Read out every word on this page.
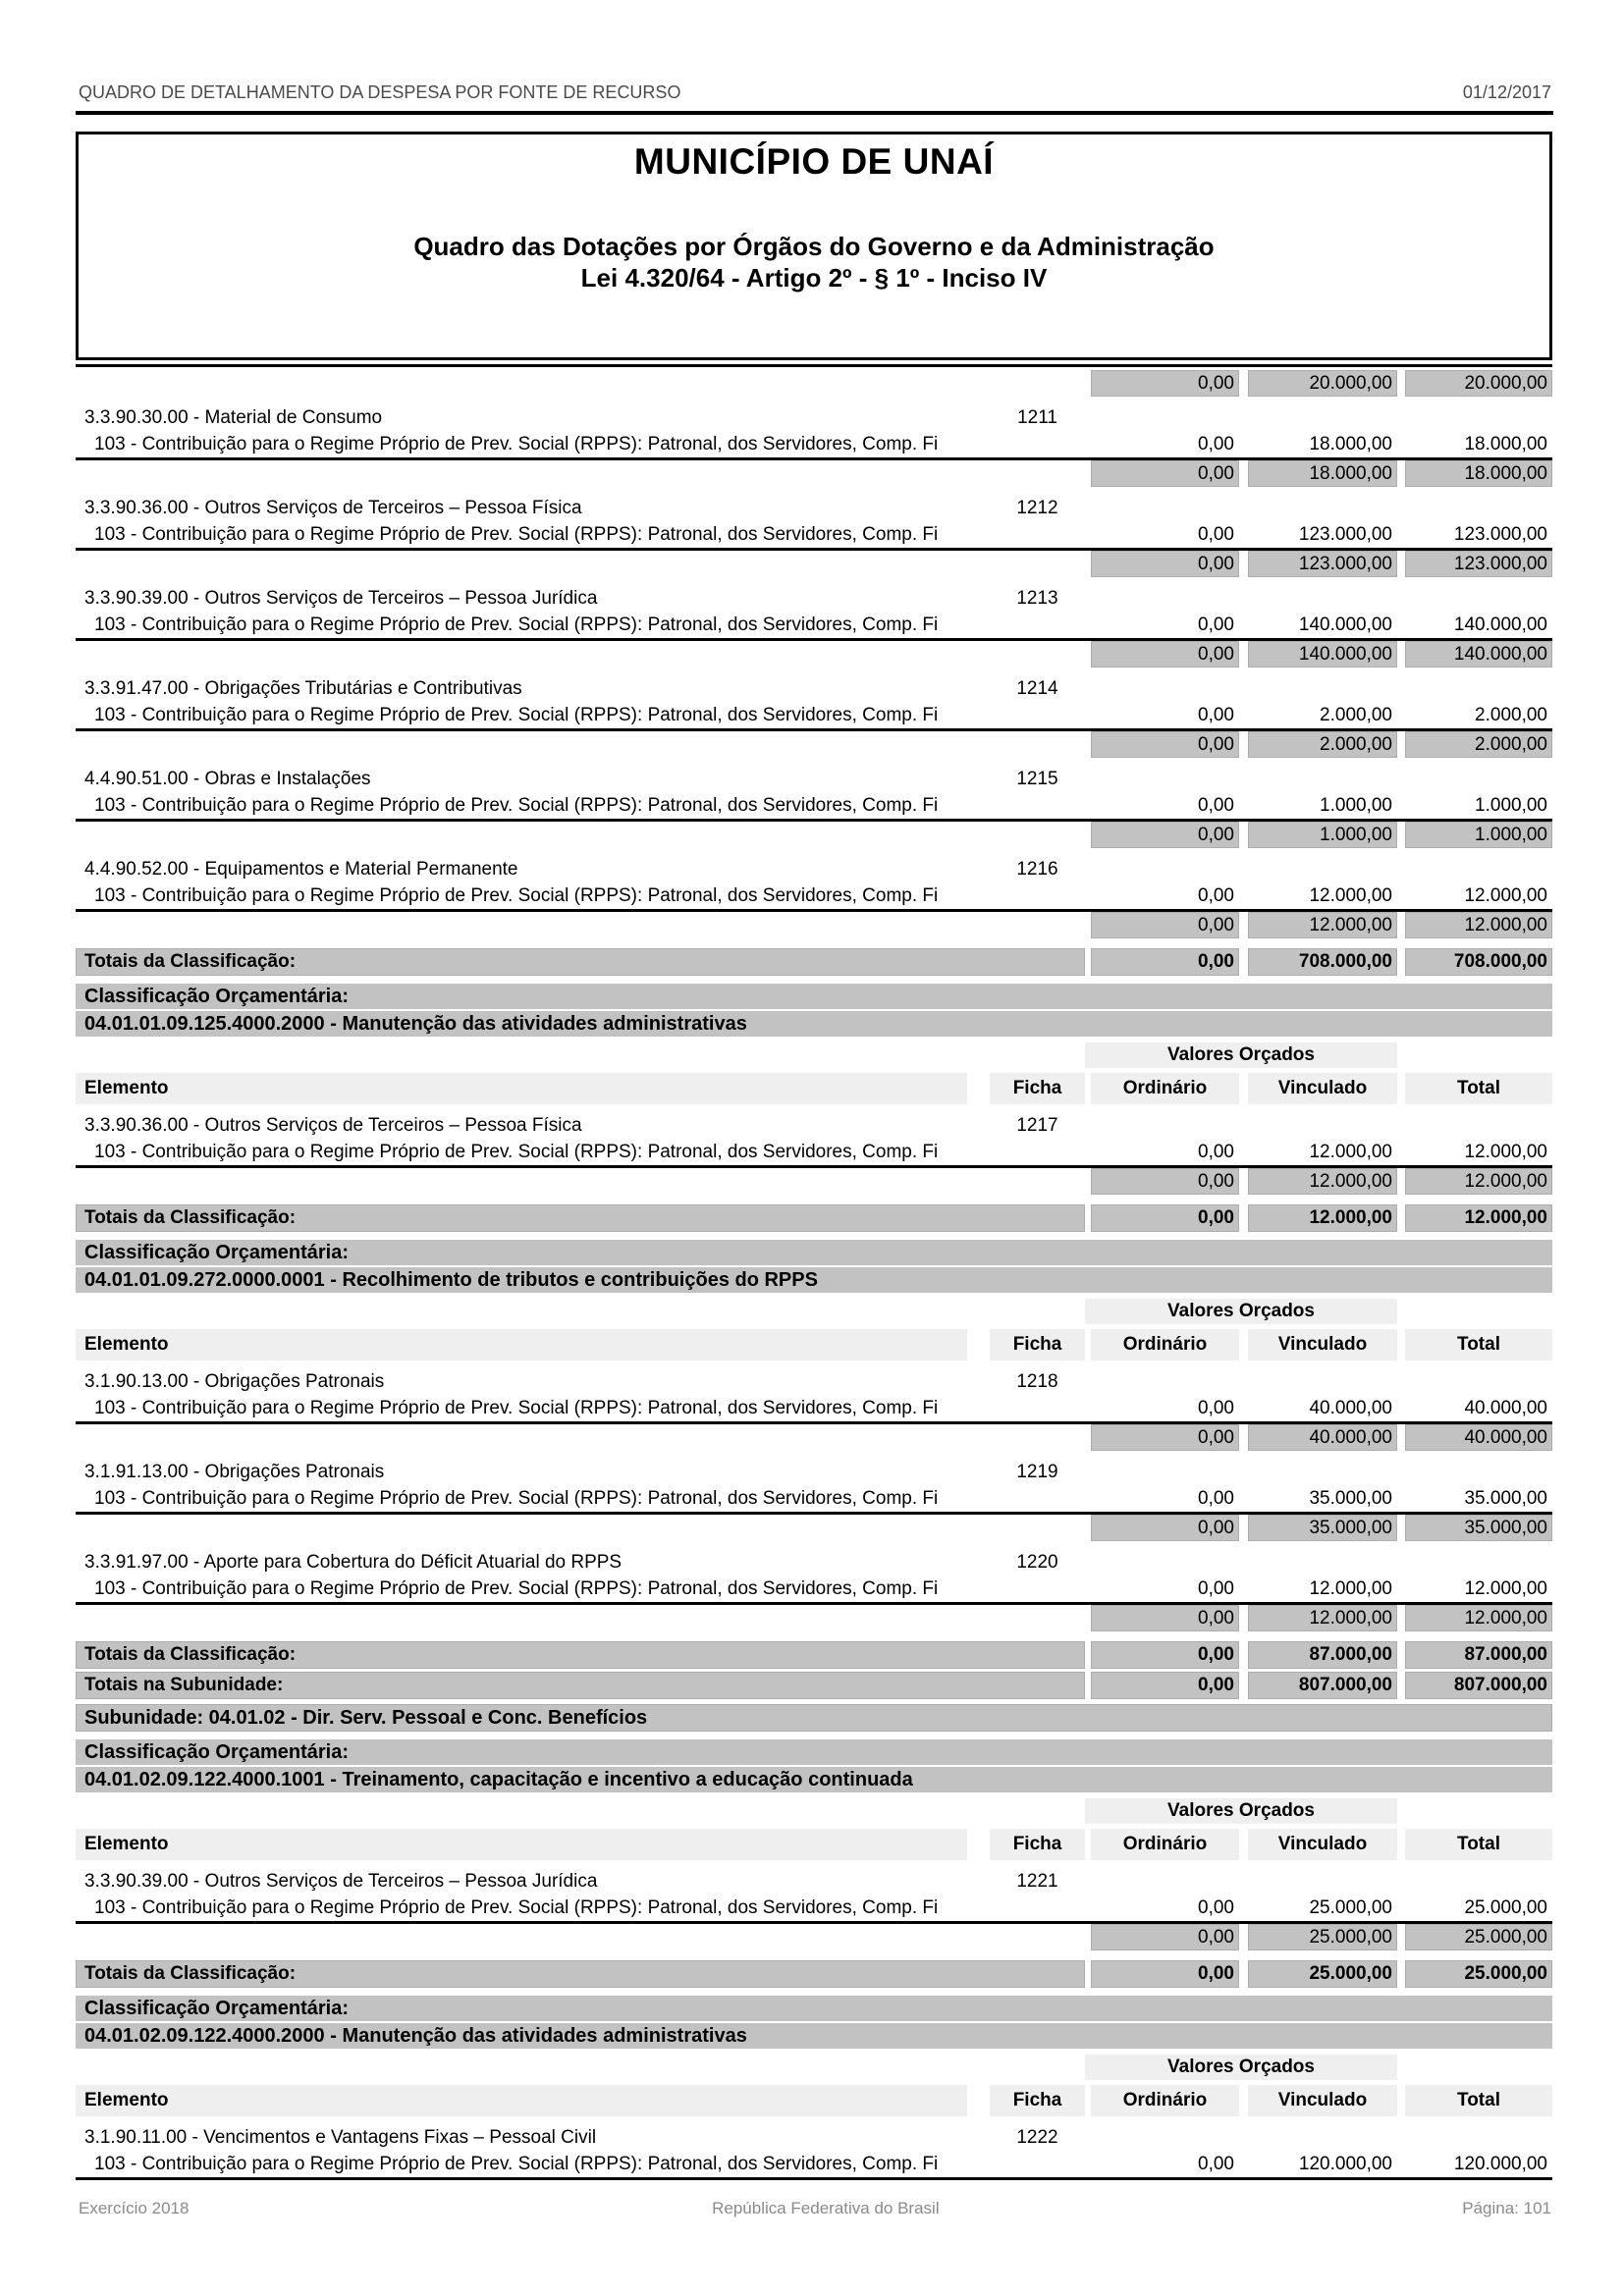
QUADRO DE DETALHAMENTO DA DESPESA POR FONTE DE RECURSO	01/12/2017
MUNICÍPIO DE UNAÍ
Quadro das Dotações por Órgãos do Governo e da Administração
Lei 4.320/64 - Artigo 2º - § 1º - Inciso IV
0,00	20.000,00	20.000,00
3.3.90.30.00 - Material de Consumo	1211
103 - Contribuição para o Regime Próprio de Prev. Social (RPPS): Patronal, dos Servidores, Comp. Fi	0,00	18.000,00	18.000,00
0,00	18.000,00	18.000,00
3.3.90.36.00 - Outros Serviços de Terceiros – Pessoa Física	1212
103 - Contribuição para o Regime Próprio de Prev. Social (RPPS): Patronal, dos Servidores, Comp. Fi	0,00	123.000,00	123.000,00
0,00	123.000,00	123.000,00
3.3.90.39.00 - Outros Serviços de Terceiros – Pessoa Jurídica	1213
103 - Contribuição para o Regime Próprio de Prev. Social (RPPS): Patronal, dos Servidores, Comp. Fi	0,00	140.000,00	140.000,00
0,00	140.000,00	140.000,00
3.3.91.47.00 - Obrigações Tributárias e Contributivas	1214
103 - Contribuição para o Regime Próprio de Prev. Social (RPPS): Patronal, dos Servidores, Comp. Fi	0,00	2.000,00	2.000,00
0,00	2.000,00	2.000,00
4.4.90.51.00 - Obras e Instalações	1215
103 - Contribuição para o Regime Próprio de Prev. Social (RPPS): Patronal, dos Servidores, Comp. Fi	0,00	1.000,00	1.000,00
0,00	1.000,00	1.000,00
4.4.90.52.00 - Equipamentos e Material Permanente	1216
103 - Contribuição para o Regime Próprio de Prev. Social (RPPS): Patronal, dos Servidores, Comp. Fi	0,00	12.000,00	12.000,00
0,00	12.000,00	12.000,00
Totais da Classificação:	0,00	708.000,00	708.000,00
Classificação Orçamentária:
04.01.01.09.125.4000.2000 - Manutenção das atividades administrativas
Valores Orçados
Elemento	Ficha	Ordinário	Vinculado	Total
3.3.90.36.00 - Outros Serviços de Terceiros – Pessoa Física	1217
103 - Contribuição para o Regime Próprio de Prev. Social (RPPS): Patronal, dos Servidores, Comp. Fi	0,00	12.000,00	12.000,00
0,00	12.000,00	12.000,00
Totais da Classificação:	0,00	12.000,00	12.000,00
Classificação Orçamentária:
04.01.01.09.272.0000.0001 - Recolhimento de tributos e contribuições do RPPS
Valores Orçados
Elemento	Ficha	Ordinário	Vinculado	Total
3.1.90.13.00 - Obrigações Patronais	1218
103 - Contribuição para o Regime Próprio de Prev. Social (RPPS): Patronal, dos Servidores, Comp. Fi	0,00	40.000,00	40.000,00
0,00	40.000,00	40.000,00
3.1.91.13.00 - Obrigações Patronais	1219
103 - Contribuição para o Regime Próprio de Prev. Social (RPPS): Patronal, dos Servidores, Comp. Fi	0,00	35.000,00	35.000,00
0,00	35.000,00	35.000,00
3.3.91.97.00 - Aporte para Cobertura do Déficit Atuarial do RPPS	1220
103 - Contribuição para o Regime Próprio de Prev. Social (RPPS): Patronal, dos Servidores, Comp. Fi	0,00	12.000,00	12.000,00
0,00	12.000,00	12.000,00
Totais da Classificação:	0,00	87.000,00	87.000,00
Totais na Subunidade:	0,00	807.000,00	807.000,00
Subunidade: 04.01.02 - Dir. Serv. Pessoal e Conc. Benefícios
Classificação Orçamentária:
04.01.02.09.122.4000.1001 - Treinamento, capacitação e incentivo a educação continuada
Valores Orçados
Elemento	Ficha	Ordinário	Vinculado	Total
3.3.90.39.00 - Outros Serviços de Terceiros – Pessoa Jurídica	1221
103 - Contribuição para o Regime Próprio de Prev. Social (RPPS): Patronal, dos Servidores, Comp. Fi	0,00	25.000,00	25.000,00
0,00	25.000,00	25.000,00
Totais da Classificação:	0,00	25.000,00	25.000,00
Classificação Orçamentária:
04.01.02.09.122.4000.2000 - Manutenção das atividades administrativas
Valores Orçados
Elemento	Ficha	Ordinário	Vinculado	Total
3.1.90.11.00 - Vencimentos e Vantagens Fixas – Pessoal Civil	1222
103 - Contribuição para o Regime Próprio de Prev. Social (RPPS): Patronal, dos Servidores, Comp. Fi	0,00	120.000,00	120.000,00
Exercício 2018	República Federativa do Brasil	Página: 101
